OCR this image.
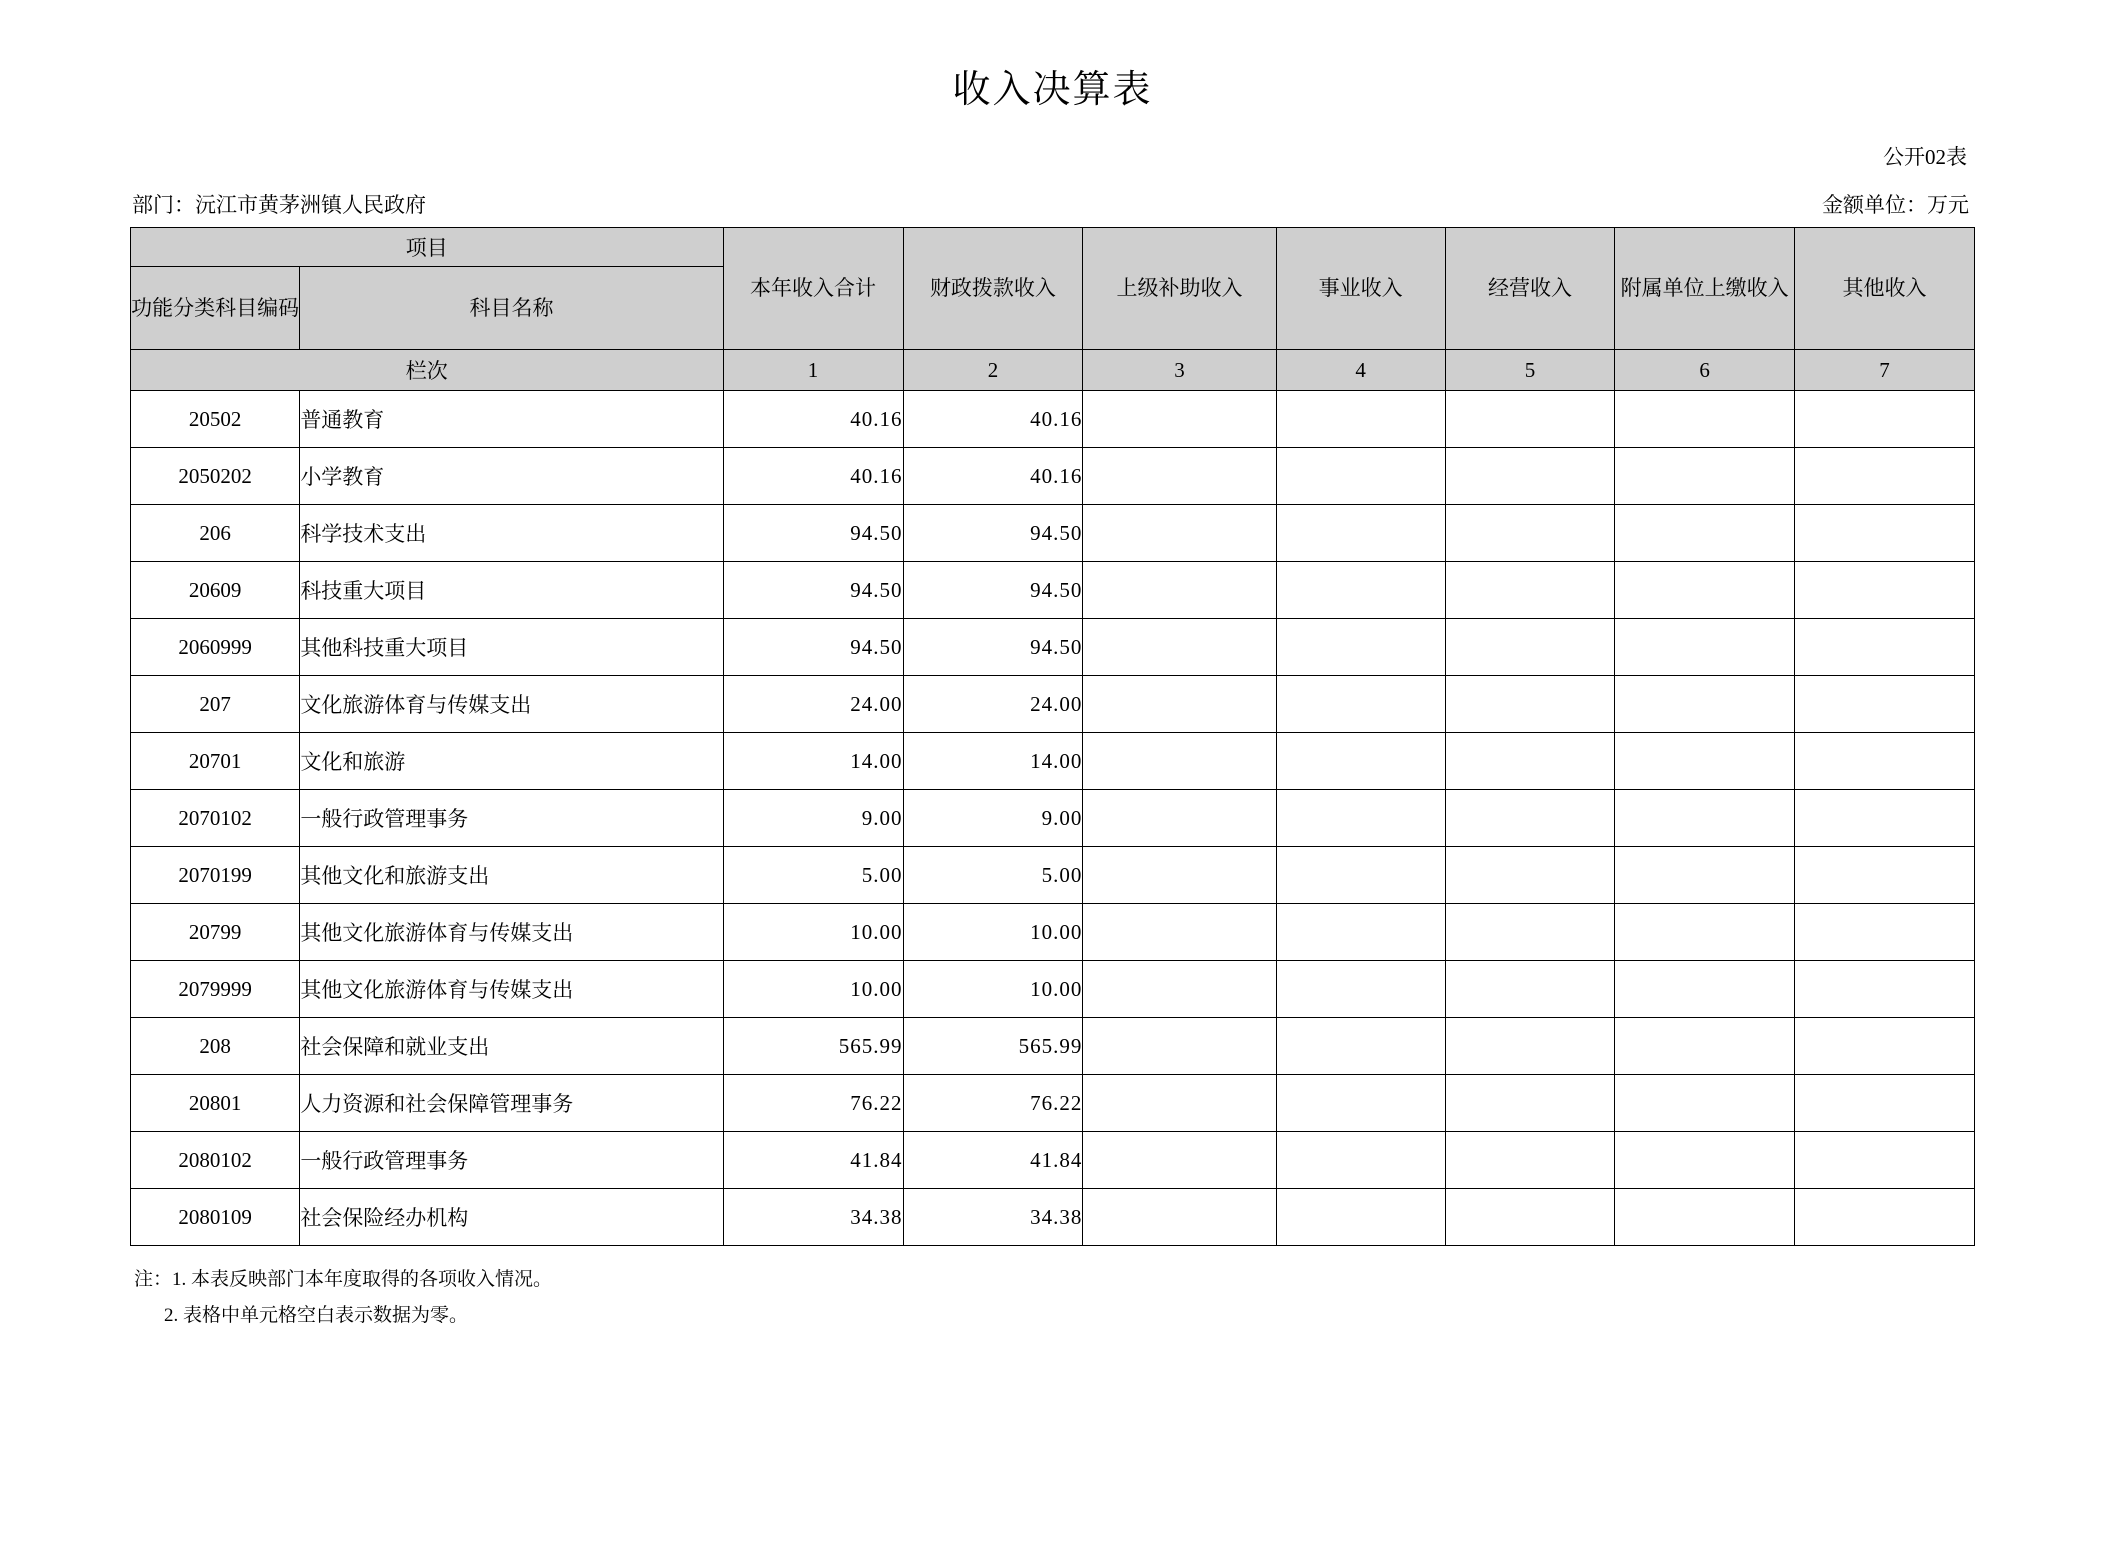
收入决算表
公开02表
部门：沅江市黄茅洲镇人民政府	金额单位：万元
项目		本年收入合计	财政拨款收入	上级补助收入	事业收入	经营收入	附属单位上缴收入	其他收入
功能分类科目编码	科目名称							
栏次		1	2	3	4	5	6	7
20502	普通教育	40.16	40.16					
2050202	小学教育	40.16	40.16					
206	科学技术支出	94.50	94.50					
20609	科技重大项目	94.50	94.50					
2060999	其他科技重大项目	94.50	94.50					
207	文化旅游体育与传媒支出	24.00	24.00					
20701	文化和旅游	14.00	14.00					
2070102	一般行政管理事务	9.00	9.00					
2070199	其他文化和旅游支出	5.00	5.00					
20799	其他文化旅游体育与传媒支出	10.00	10.00					
2079999	其他文化旅游体育与传媒支出	10.00	10.00					
208	社会保障和就业支出	565.99	565.99					
20801	人力资源和社会保障管理事务	76.22	76.22					
2080102	一般行政管理事务	41.84	41.84					
2080109	社会保险经办机构	34.38	34.38					
注：1. 本表反映部门本年度取得的各项收入情况。
2. 表格中单元格空白表示数据为零。
